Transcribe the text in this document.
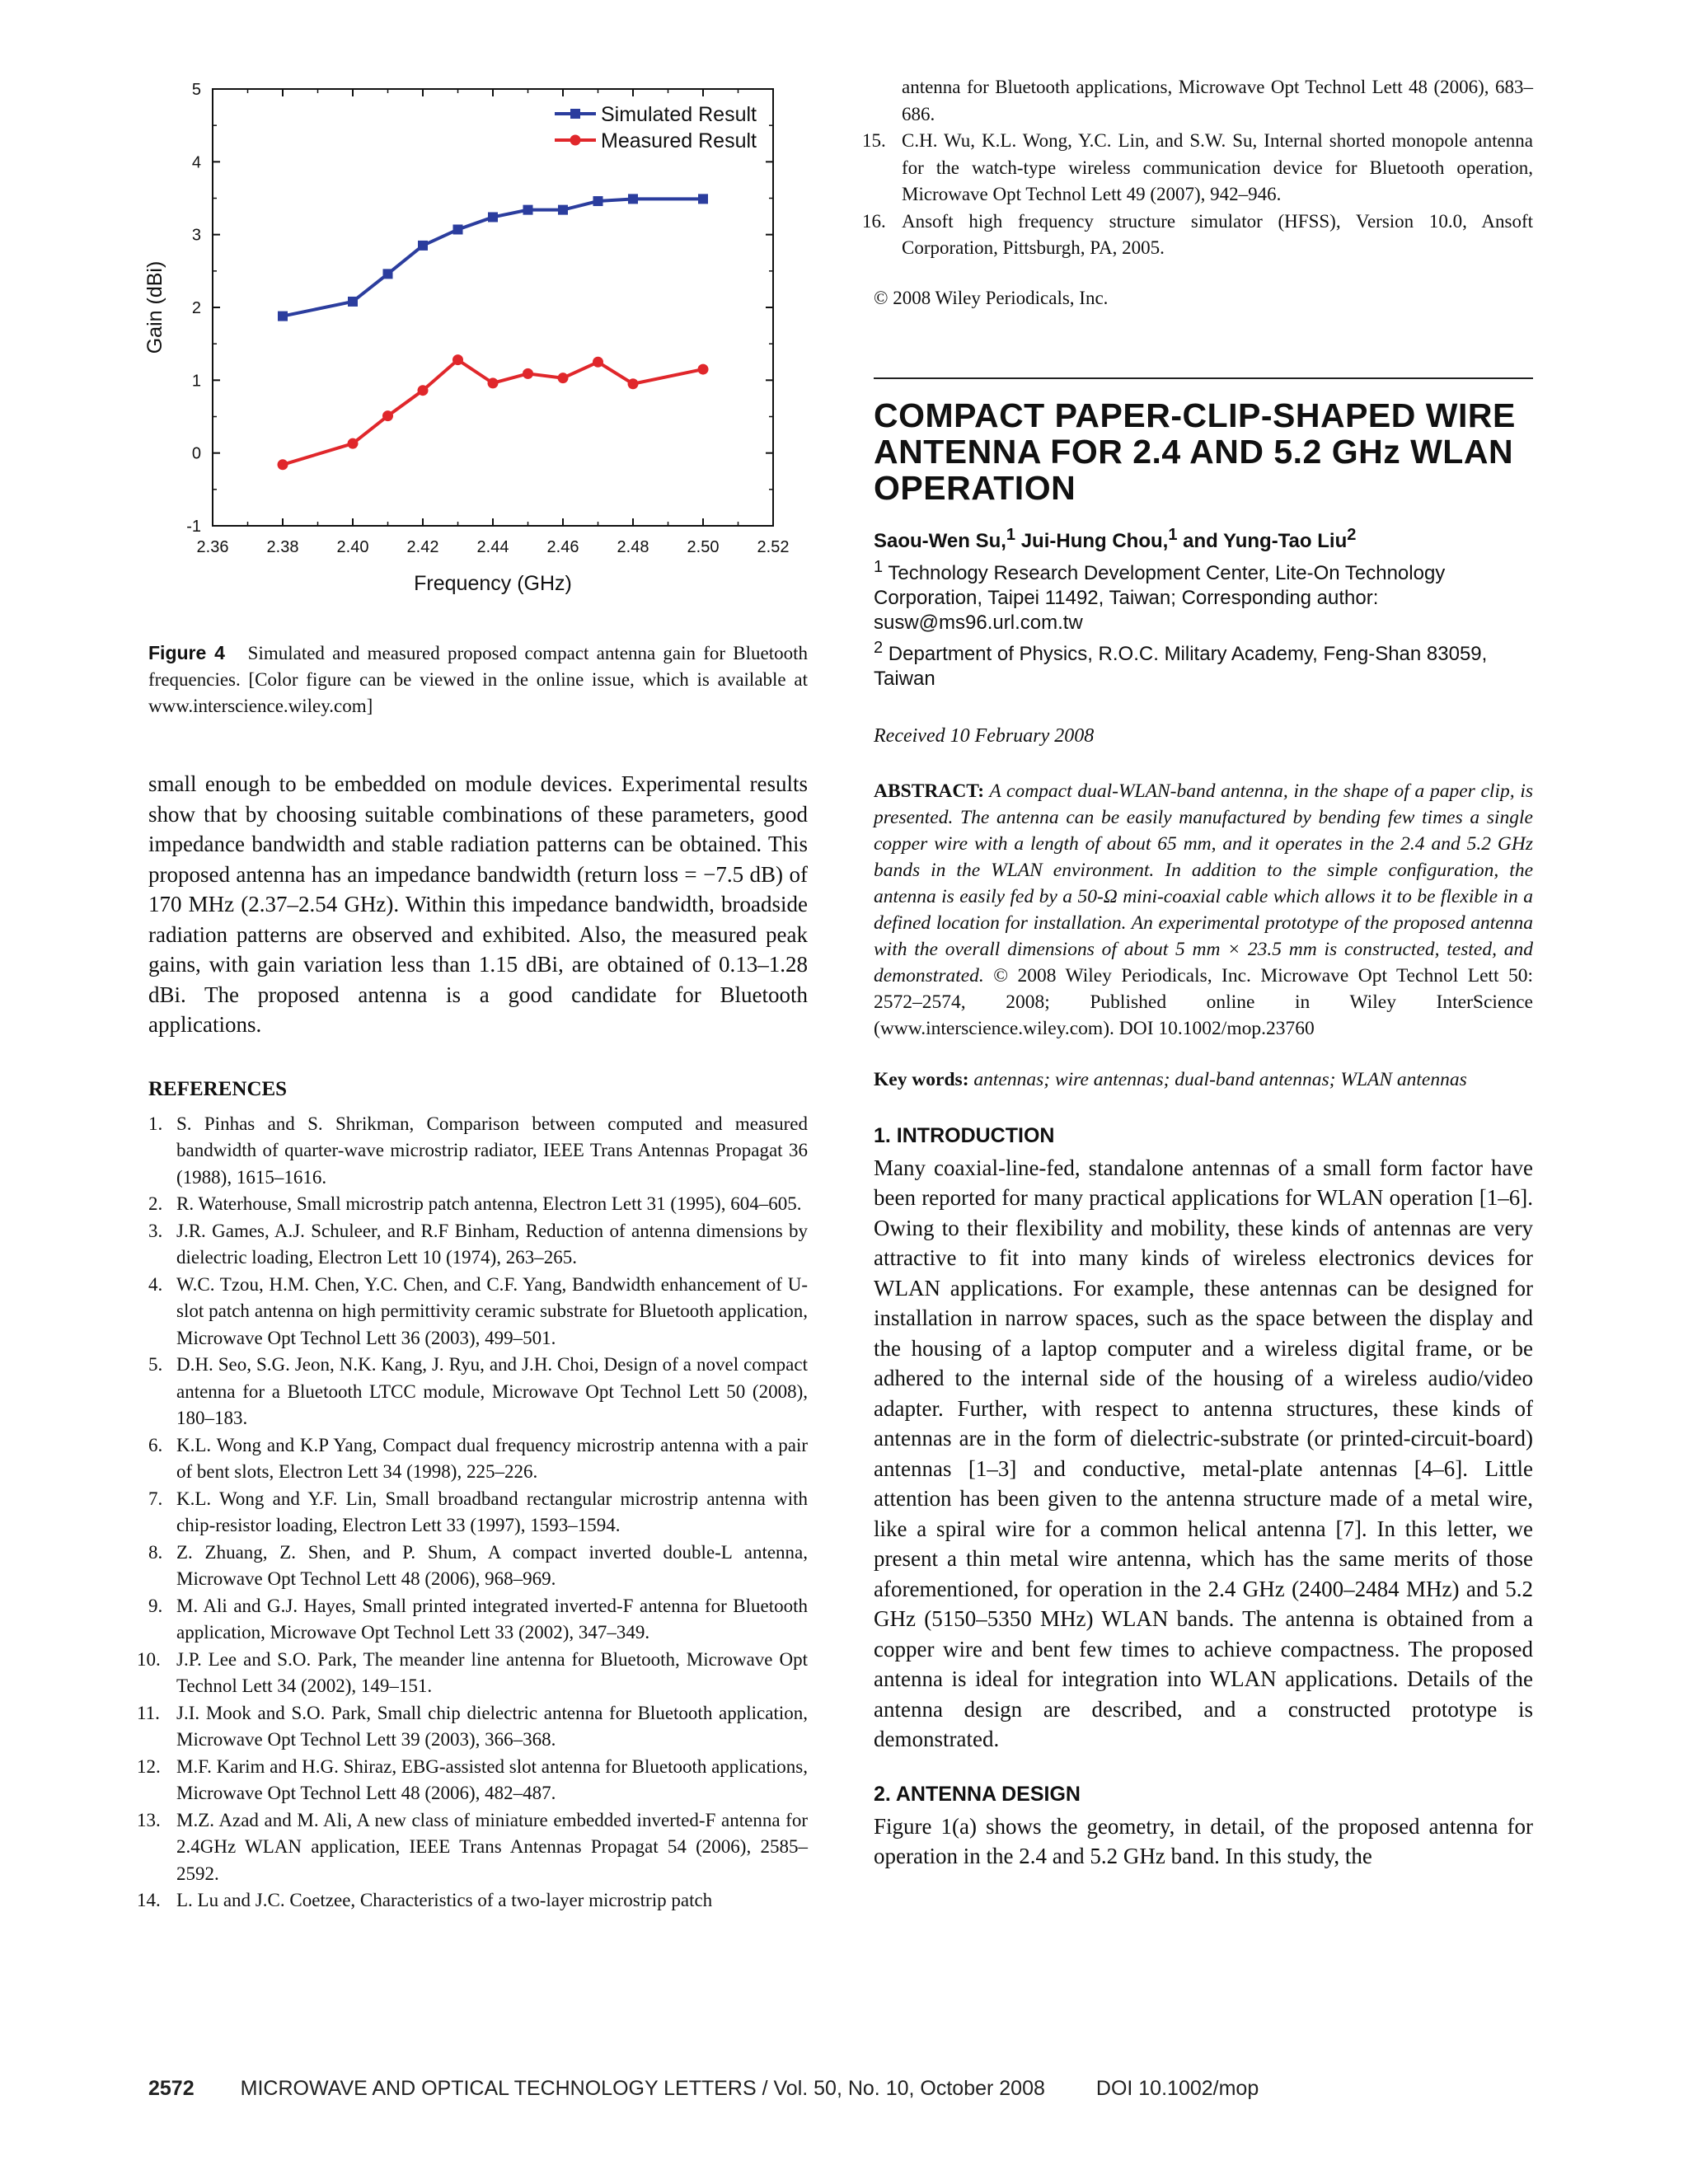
2.36 2.38 2.40 2.42 2.44 2.46 2.48 2.50 2.52
-1
0
1
2
3
4
5
Frequency (GHz)
Gain (dBi)
Simulated Result
Measured Result

Figure 4 Simulated and measured proposed compact antenna gain for Bluetooth frequencies. [Color figure can be viewed in the online issue, which is available at www.interscience.wiley.com]

small enough to be embedded on module devices. Experimental results show that by choosing suitable combinations of these parameters, good impedance bandwidth and stable radiation patterns can be obtained. This proposed antenna has an impedance bandwidth (return loss = −7.5 dB) of 170 MHz (2.37–2.54 GHz). Within this impedance bandwidth, broadside radiation patterns are observed and exhibited. Also, the measured peak gains, with gain variation less than 1.15 dBi, are obtained of 0.13–1.28 dBi. The proposed antenna is a good candidate for Bluetooth applications.

REFERENCES

1. S. Pinhas and S. Shrikman, Comparison between computed and measured bandwidth of quarter-wave microstrip radiator, IEEE Trans Antennas Propagat 36 (1988), 1615–1616.
2. R. Waterhouse, Small microstrip patch antenna, Electron Lett 31 (1995), 604–605.
3. J.R. Games, A.J. Schuleer, and R.F Binham, Reduction of antenna dimensions by dielectric loading, Electron Lett 10 (1974), 263–265.
4. W.C. Tzou, H.M. Chen, Y.C. Chen, and C.F. Yang, Bandwidth enhancement of U-slot patch antenna on high permittivity ceramic substrate for Bluetooth application, Microwave Opt Technol Lett 36 (2003), 499–501.
5. D.H. Seo, S.G. Jeon, N.K. Kang, J. Ryu, and J.H. Choi, Design of a novel compact antenna for a Bluetooth LTCC module, Microwave Opt Technol Lett 50 (2008), 180–183.
6. K.L. Wong and K.P Yang, Compact dual frequency microstrip antenna with a pair of bent slots, Electron Lett 34 (1998), 225–226.
7. K.L. Wong and Y.F. Lin, Small broadband rectangular microstrip antenna with chip-resistor loading, Electron Lett 33 (1997), 1593–1594.
8. Z. Zhuang, Z. Shen, and P. Shum, A compact inverted double-L antenna, Microwave Opt Technol Lett 48 (2006), 968–969.
9. M. Ali and G.J. Hayes, Small printed integrated inverted-F antenna for Bluetooth application, Microwave Opt Technol Lett 33 (2002), 347–349.
10. J.P. Lee and S.O. Park, The meander line antenna for Bluetooth, Microwave Opt Technol Lett 34 (2002), 149–151.
11. J.I. Mook and S.O. Park, Small chip dielectric antenna for Bluetooth application, Microwave Opt Technol Lett 39 (2003), 366–368.
12. M.F. Karim and H.G. Shiraz, EBG-assisted slot antenna for Bluetooth applications, Microwave Opt Technol Lett 48 (2006), 482–487.
13. M.Z. Azad and M. Ali, A new class of miniature embedded inverted-F antenna for 2.4GHz WLAN application, IEEE Trans Antennas Propagat 54 (2006), 2585–2592.
14. L. Lu and J.C. Coetzee, Characteristics of a two-layer microstrip patch
antenna for Bluetooth applications, Microwave Opt Technol Lett 48 (2006), 683–686.
15. C.H. Wu, K.L. Wong, Y.C. Lin, and S.W. Su, Internal shorted monopole antenna for the watch-type wireless communication device for Bluetooth operation, Microwave Opt Technol Lett 49 (2007), 942–946.
16. Ansoft high frequency structure simulator (HFSS), Version 10.0, Ansoft Corporation, Pittsburgh, PA, 2005.

© 2008 Wiley Periodicals, Inc.

COMPACT PAPER-CLIP-SHAPED WIRE ANTENNA FOR 2.4 AND 5.2 GHz WLAN OPERATION
Saou-Wen Su,$^1$ Jui-Hung Chou,$^1$ and Yung-Tao Liu$^2$
$^1$ Technology Research Development Center, Lite-On Technology Corporation, Taipei 11492, Taiwan; Corresponding author: susw@ms96.url.com.tw
$^2$ Department of Physics, R.O.C. Military Academy, Feng-Shan 83059, Taiwan

Received 10 February 2008

ABSTRACT: A compact dual-WLAN-band antenna, in the shape of a paper clip, is presented. The antenna can be easily manufactured by bending few times a single copper wire with a length of about 65 mm, and it operates in the 2.4 and 5.2 GHz bands in the WLAN environment. In addition to the simple configuration, the antenna is easily fed by a 50-Ω mini-coaxial cable which allows it to be flexible in a defined location for installation. An experimental prototype of the proposed antenna with the overall dimensions of about 5 mm × 23.5 mm is constructed, tested, and demonstrated. © 2008 Wiley Periodicals, Inc. Microwave Opt Technol Lett 50: 2572–2574, 2008; Published online in Wiley InterScience (www.interscience.wiley.com). DOI 10.1002/mop.23760

Key words: antennas; wire antennas; dual-band antennas; WLAN antennas

1. INTRODUCTION

Many coaxial-line-fed, standalone antennas of a small form factor have been reported for many practical applications for WLAN operation [1–6]. Owing to their flexibility and mobility, these kinds of antennas are very attractive to fit into many kinds of wireless electronics devices for WLAN applications. For example, these antennas can be designed for installation in narrow spaces, such as the space between the display and the housing of a laptop computer and a wireless digital frame, or be adhered to the internal side of the housing of a wireless audio/video adapter. Further, with respect to antenna structures, these kinds of antennas are in the form of dielectric-substrate (or printed-circuit-board) antennas [1–3] and conductive, metal-plate antennas [4–6]. Little attention has been given to the antenna structure made of a metal wire, like a spiral wire for a common helical antenna [7]. In this letter, we present a thin metal wire antenna, which has the same merits of those aforementioned, for operation in the 2.4 GHz (2400–2484 MHz) and 5.2 GHz (5150–5350 MHz) WLAN bands. The antenna is obtained from a copper wire and bent few times to achieve compactness. The proposed antenna is ideal for integration into WLAN applications. Details of the antenna design are described, and a constructed prototype is demonstrated.

2. ANTENNA DESIGN

Figure 1(a) shows the geometry, in detail, of the proposed antenna for operation in the 2.4 and 5.2 GHz band. In this study, the

2572 MICROWAVE AND OPTICAL TECHNOLOGY LETTERS / Vol. 50, No. 10, October 2008 DOI 10.1002/mop
